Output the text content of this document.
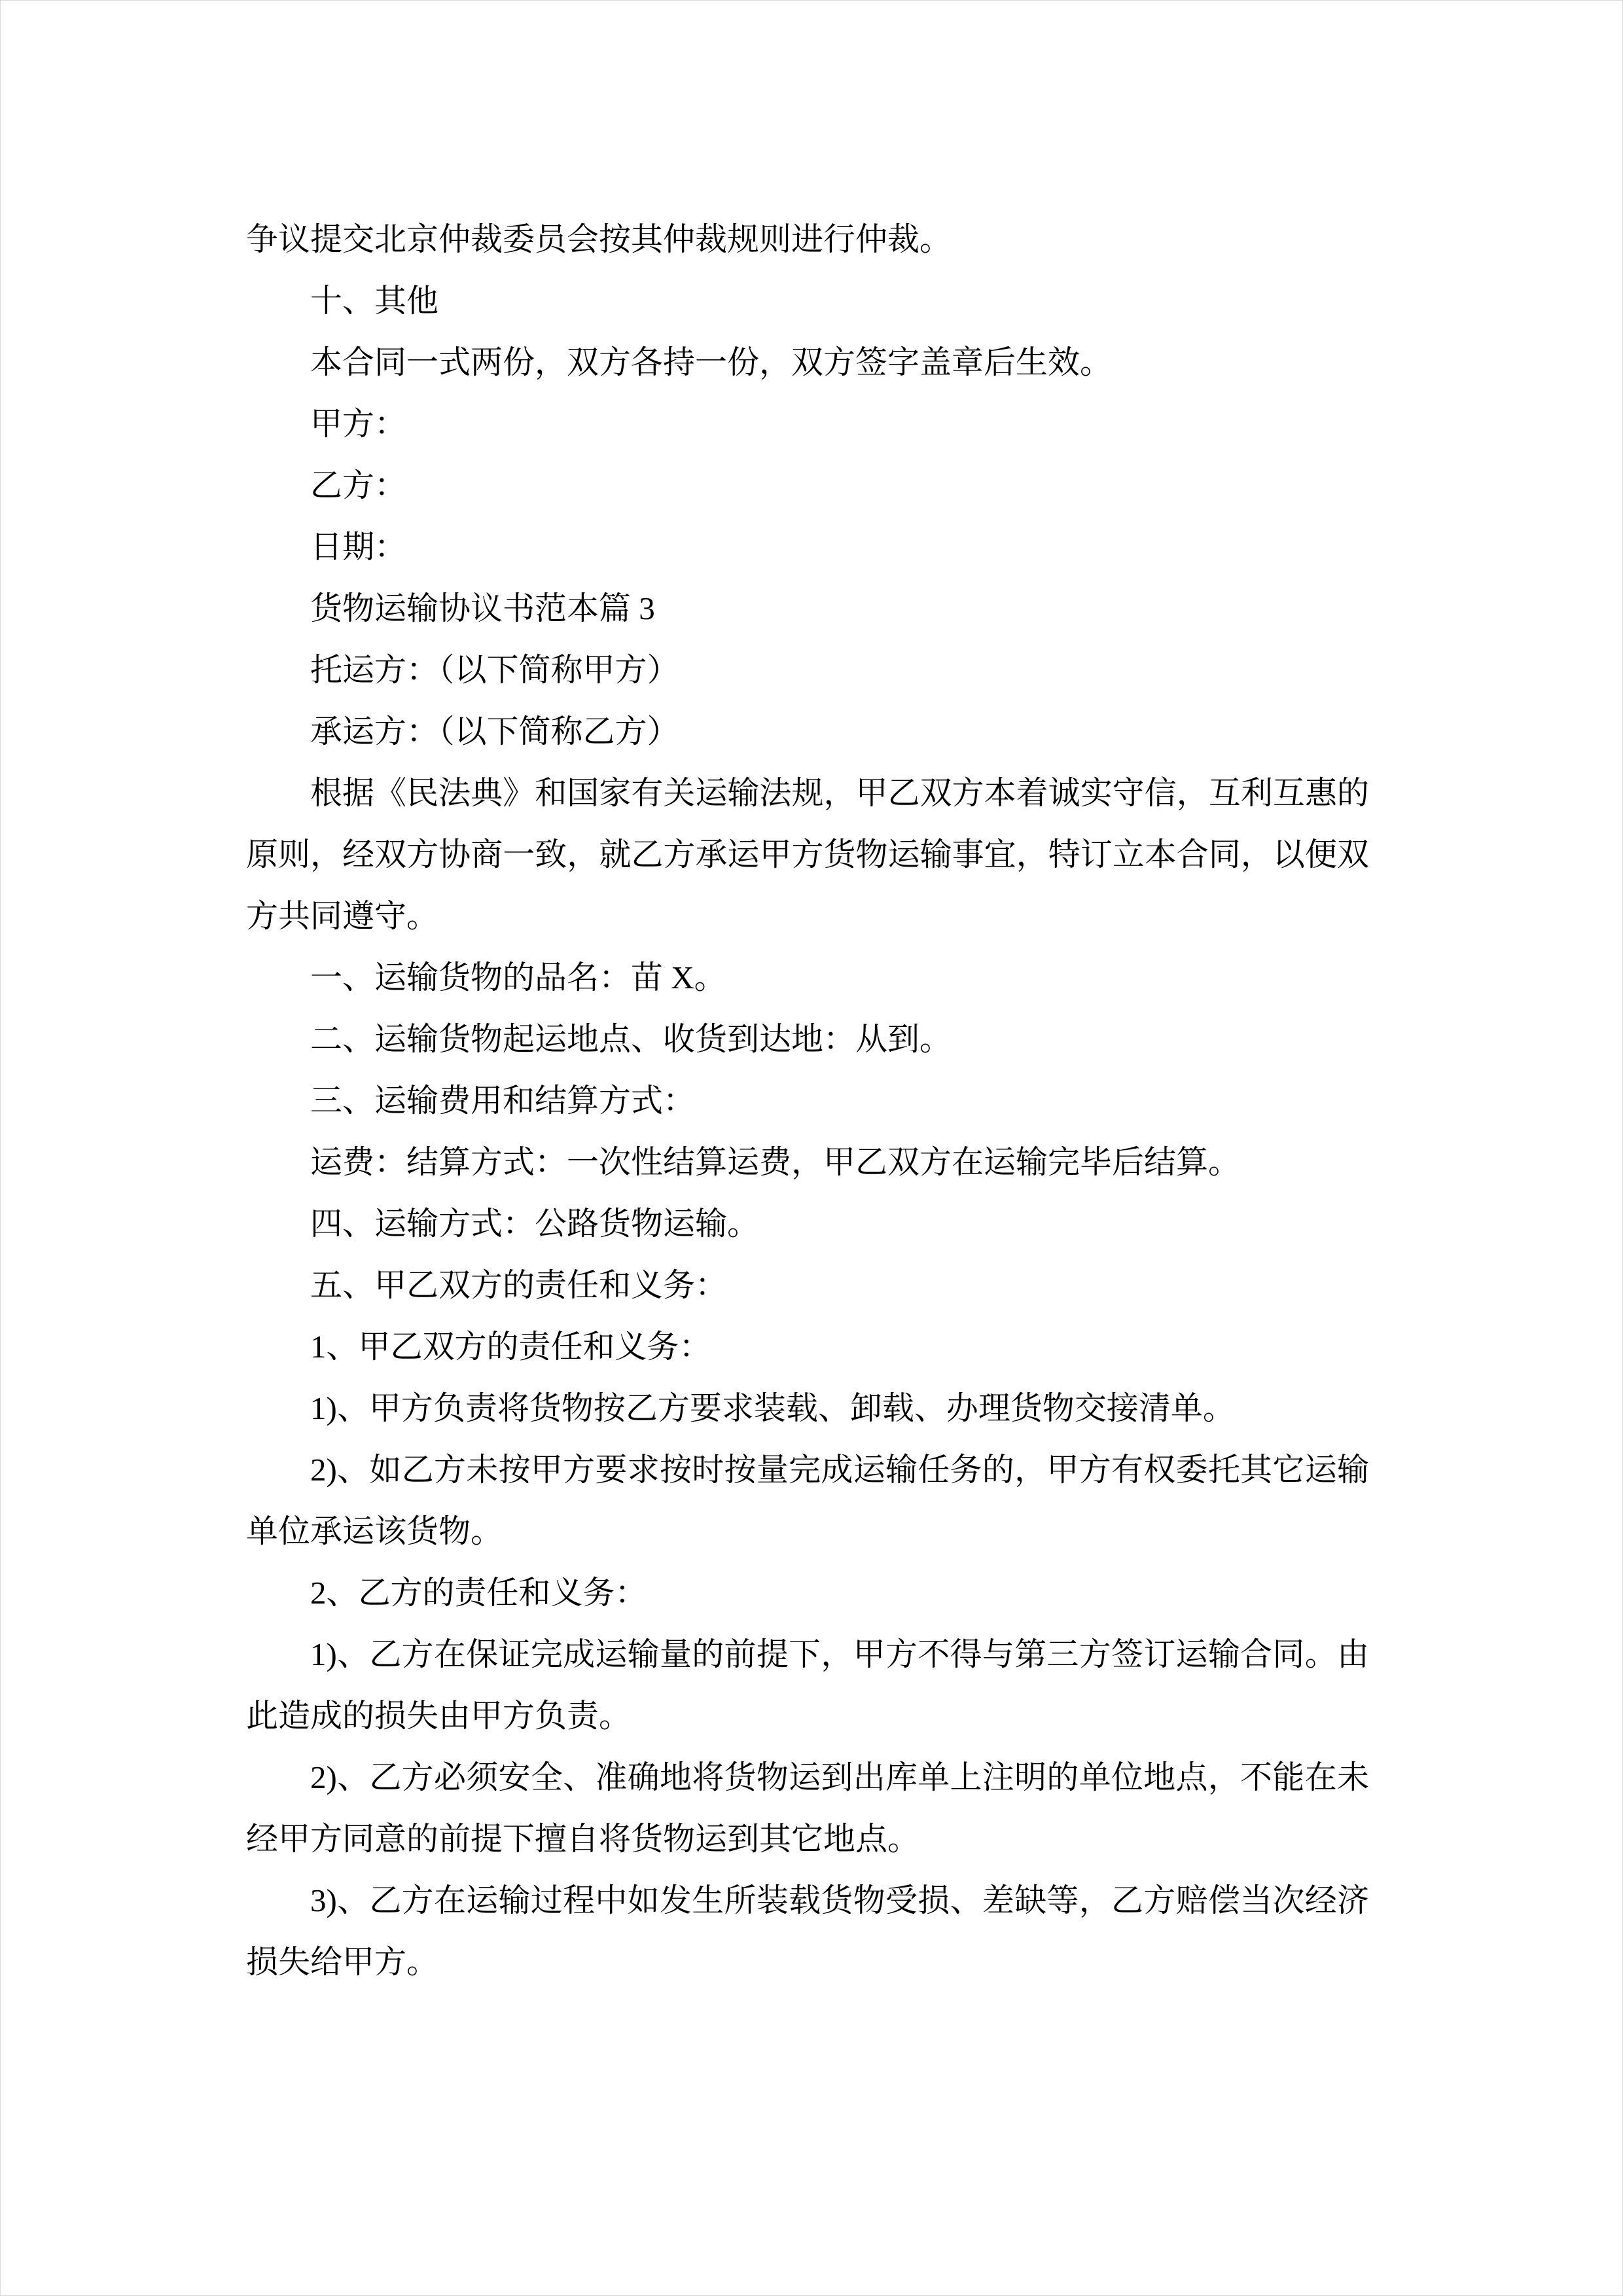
争议提交北京仲裁委员会按其仲裁规则进行仲裁。

十、其他

本合同一式两份，双方各持一份，双方签字盖章后生效。

甲方：

乙方：

日期：

货物运输协议书范本篇 3

托运方：（以下简称甲方）

承运方：（以下简称乙方）

根据《民法典》和国家有关运输法规，甲乙双方本着诚实守信，互利互惠的原则，经双方协商一致，就乙方承运甲方货物运输事宜，特订立本合同，以便双方共同遵守。

一、运输货物的品名：苗 X。

二、运输货物起运地点、收货到达地：从到。

三、运输费用和结算方式：

运费：结算方式：一次性结算运费，甲乙双方在运输完毕后结算。

四、运输方式：公路货物运输。

五、甲乙双方的责任和义务：

1、甲乙双方的责任和义务：

1)、甲方负责将货物按乙方要求装载、卸载、办理货物交接清单。

2)、如乙方未按甲方要求按时按量完成运输任务的，甲方有权委托其它运输单位承运该货物。

2、乙方的责任和义务：

1)、乙方在保证完成运输量的前提下，甲方不得与第三方签订运输合同。由此造成的损失由甲方负责。

2)、乙方必须安全、准确地将货物运到出库单上注明的单位地点，不能在未经甲方同意的前提下擅自将货物运到其它地点。

3)、乙方在运输过程中如发生所装载货物受损、差缺等，乙方赔偿当次经济损失给甲方。
